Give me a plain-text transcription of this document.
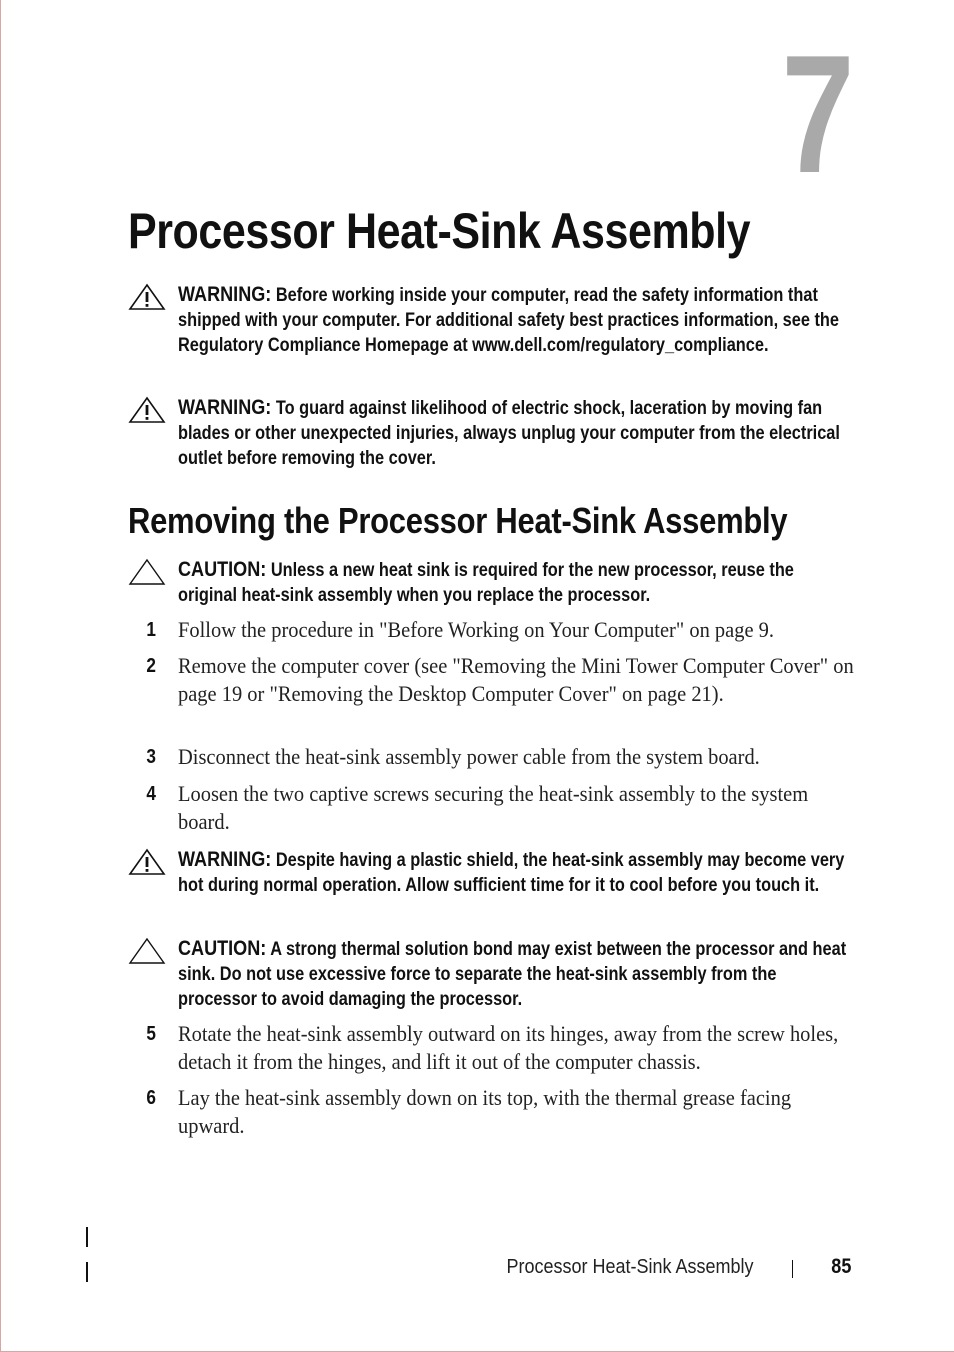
7
Processor Heat-Sink Assembly
WARNING: Before working inside your computer, read the safety information that shipped with your computer. For additional safety best practices information, see the Regulatory Compliance Homepage at www.dell.com/regulatory_compliance.
WARNING: To guard against likelihood of electric shock, laceration by moving fan blades or other unexpected injuries, always unplug your computer from the electrical outlet before removing the cover.
Removing the Processor Heat-Sink Assembly
CAUTION: Unless a new heat sink is required for the new processor, reuse the original heat-sink assembly when you replace the processor.
1 Follow the procedure in "Before Working on Your Computer" on page 9.
2 Remove the computer cover (see "Removing the Mini Tower Computer Cover" on page 19 or "Removing the Desktop Computer Cover" on page 21).
3 Disconnect the heat-sink assembly power cable from the system board.
4 Loosen the two captive screws securing the heat-sink assembly to the system board.
WARNING: Despite having a plastic shield, the heat-sink assembly may become very hot during normal operation. Allow sufficient time for it to cool before you touch it.
CAUTION: A strong thermal solution bond may exist between the processor and heat sink. Do not use excessive force to separate the heat-sink assembly from the processor to avoid damaging the processor.
5 Rotate the heat-sink assembly outward on its hinges, away from the screw holes, detach it from the hinges, and lift it out of the computer chassis.
6 Lay the heat-sink assembly down on its top, with the thermal grease facing upward.
Processor Heat-Sink Assembly	85
